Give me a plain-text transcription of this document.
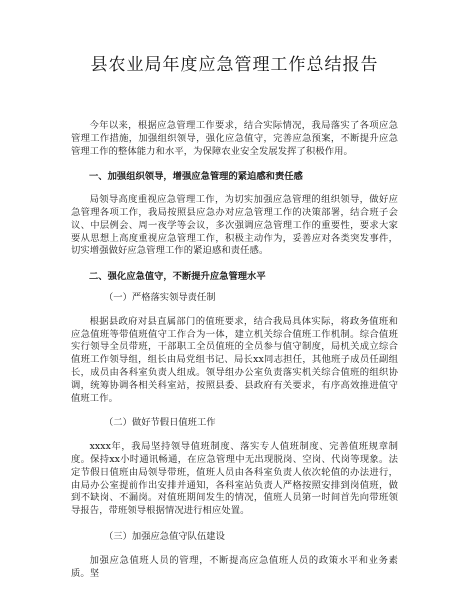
县农业局年度应急管理工作总结报告

今年以来，根据应急管理工作要求，结合实际情况，我局落实了各项应急管理工作措施，加强组织领导，强化应急值守，完善应急预案，不断提升应急管理工作的整体能力和水平，为保障农业安全发展发挥了积极作用。

一、加强组织领导，增强应急管理的紧迫感和责任感

局领导高度重视应急管理工作，为切实加强应急管理的组织领导，做好应急管理各项工作，我局按照县应急办对应急管理工作的决策部署，结合班子会议、中层例会、周一夜学等会议，多次强调应急管理工作的重要性，要求大家要从思想上高度重视应急管理工作，积极主动作为，妥善应对各类突发事件，切实增强做好应急管理工作的紧迫感和责任感。

二、强化应急值守，不断提升应急管理水平

（一）严格落实领导责任制

根据县政府对县直属部门的值班要求，结合我局具体实际，将政务值班和应急值班等带值班值守工作合为一体，建立机关综合值班工作机制。综合值班实行领导全员带班，干部职工全员值班的全员参与值守制度，局机关成立综合值班工作领导组，组长由局党组书记、局长xx同志担任，其他班子成员任副组长，成员由各科室负责人组成。领导组办公室负责落实机关综合值班的组织协调，统筹协调各相关科室站，按照县委、县政府有关要求，有序高效推进值守值班工作。

（二）做好节假日值班工作

xxxx年，我局坚持领导值班制度、落实专人值班制度、完善值班规章制度。保持xx小时通讯畅通，在应急管理中无出现脱岗、空岗、代岗等现象。法定节假日值班由局领导带班，值班人员由各科室负责人依次轮值的办法进行，由局办公室提前作出安排并通知，各科室站负责人严格按照安排到岗值班，做到不缺岗、不漏岗。对值班期间发生的情况，值班人员第一时间首先向带班领导报告，带班领导根据情况进行相应处置。

（三）加强应急值守队伍建设

加强应急值班人员的管理，不断提高应急值班人员的政策水平和业务素质。坚
